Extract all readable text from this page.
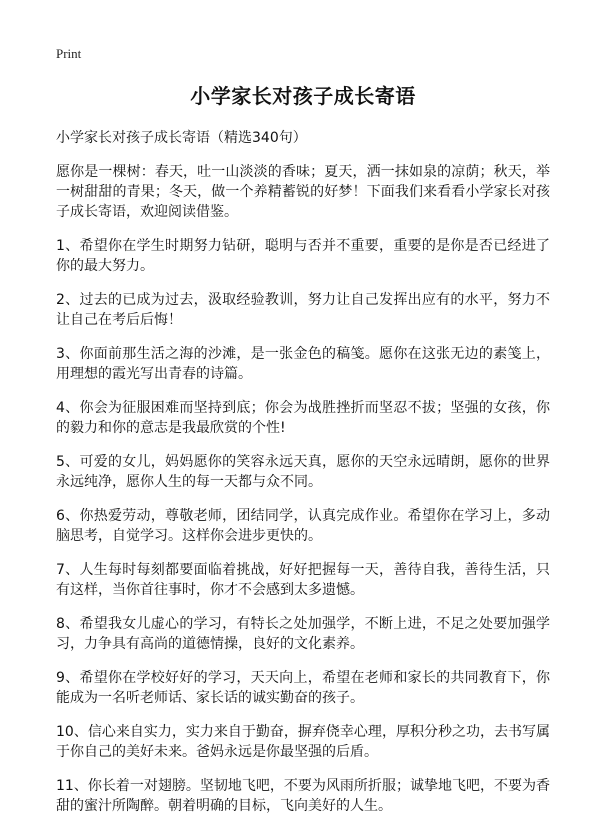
Print
小学家长对孩子成长寄语
小学家长对孩子成长寄语（精选340句）

愿你是一棵树：春天，吐一山淡淡的香味；夏天，洒一抹如泉的凉荫；秋天，举一树甜甜的青果；冬天，做一个养精蓄锐的好梦！下面我们来看看小学家长对孩子成长寄语，欢迎阅读借鉴。

1、希望你在学生时期努力钻研，聪明与否并不重要，重要的是你是否已经进了你的最大努力。

2、过去的已成为过去，汲取经验教训，努力让自己发挥出应有的水平，努力不让自己在考后后悔！

3、你面前那生活之海的沙滩，是一张金色的稿笺。愿你在这张无边的素笺上，用理想的霞光写出青春的诗篇。

4、你会为征服困难而坚持到底；你会为战胜挫折而坚忍不拔；坚强的女孩，你的毅力和你的意志是我最欣赏的个性!

5、可爱的女儿，妈妈愿你的笑容永远天真，愿你的天空永远晴朗，愿你的世界永远纯净，愿你人生的每一天都与众不同。

6、你热爱劳动，尊敬老师，团结同学，认真完成作业。希望你在学习上，多动脑思考，自觉学习。这样你会进步更快的。

7、人生每时每刻都要面临着挑战，好好把握每一天，善待自我，善待生活，只有这样，当你首往事时，你才不会感到太多遗憾。

8、希望我女儿虚心的学习，有特长之处加强学，不断上进，不足之处要加强学习，力争具有高尚的道德情操，良好的文化素养。

9、希望你在学校好好的学习，天天向上，希望在老师和家长的共同教育下，你能成为一名听老师话、家长话的诚实勤奋的孩子。

10、信心来自实力，实力来自于勤奋，摒弃侥幸心理，厚积分秒之功，去书写属于你自己的美好未来。爸妈永远是你最坚强的后盾。

11、你长着一对翅膀。坚韧地飞吧，不要为风雨所折服；诚挚地飞吧，不要为香甜的蜜汁所陶醉。朝着明确的目标，飞向美好的人生。
